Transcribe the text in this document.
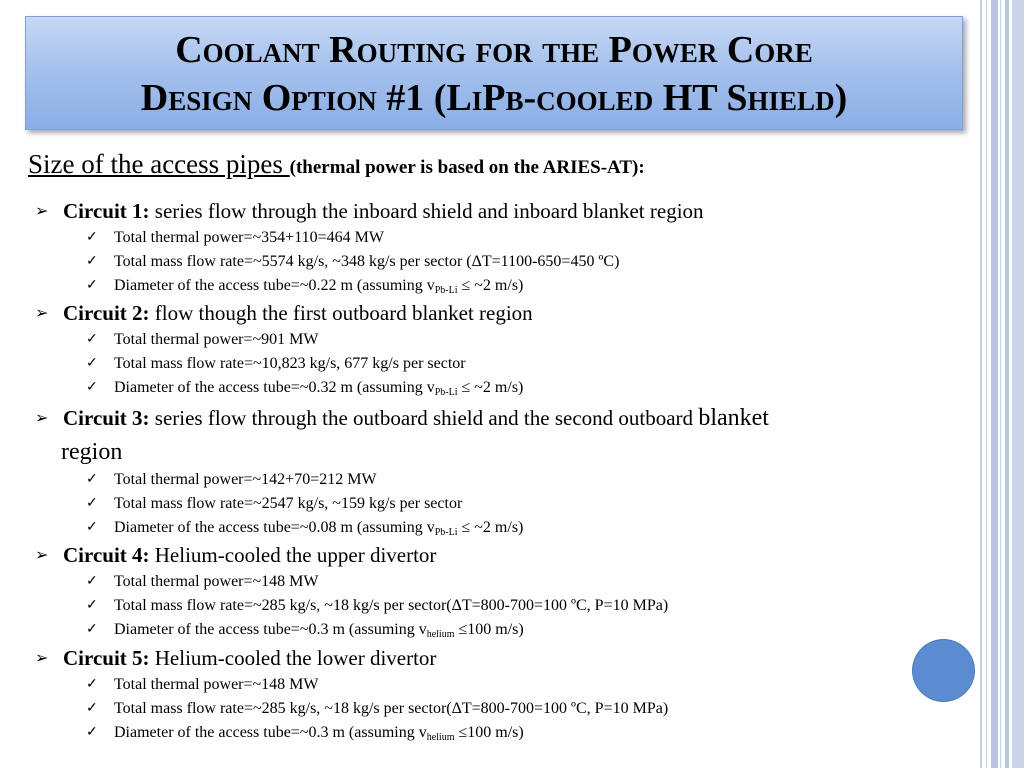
Coolant Routing for the Power Core
Design Option #1 (LiPb-cooled HT Shield)
Size of the access pipes (thermal power is based on the ARIES-AT):
➢ Circuit 1: series flow through the inboard shield and inboard blanket region
✓ Total thermal power=~354+110=464 MW
✓ Total mass flow rate=~5574 kg/s, ~348 kg/s per sector (ΔT=1100-650=450 ºC)
✓ Diameter of the access tube=~0.22 m (assuming $v_{Pb-Li}$ ≤ ~2 m/s)
➢ Circuit 2: flow though the first outboard blanket region
✓ Total thermal power=~901 MW
✓ Total mass flow rate=~10,823 kg/s, 677 kg/s per sector
✓ Diameter of the access tube=~0.32 m (assuming $v_{Pb-Li}$ ≤ ~2 m/s)
➢ Circuit 3: series flow through the outboard shield and the second outboard blanket
region
✓ Total thermal power=~142+70=212 MW
✓ Total mass flow rate=~2547 kg/s, ~159 kg/s per sector
✓ Diameter of the access tube=~0.08 m (assuming $v_{Pb-Li}$ ≤ ~2 m/s)
➢ Circuit 4: Helium-cooled the upper divertor
✓ Total thermal power=~148 MW
✓ Total mass flow rate=~285 kg/s, ~18 kg/s per sector(ΔT=800-700=100 ºC, P=10 MPa)
✓ Diameter of the access tube=~0.3 m (assuming $v_{helium} \le 100$ m/s)
➢ Circuit 5: Helium-cooled the lower divertor
✓ Total thermal power=~148 MW
✓ Total mass flow rate=~285 kg/s, ~18 kg/s per sector(ΔT=800-700=100 ºC, P=10 MPa)
✓ Diameter of the access tube=~0.3 m (assuming $v_{helium} \le 100$ m/s)
